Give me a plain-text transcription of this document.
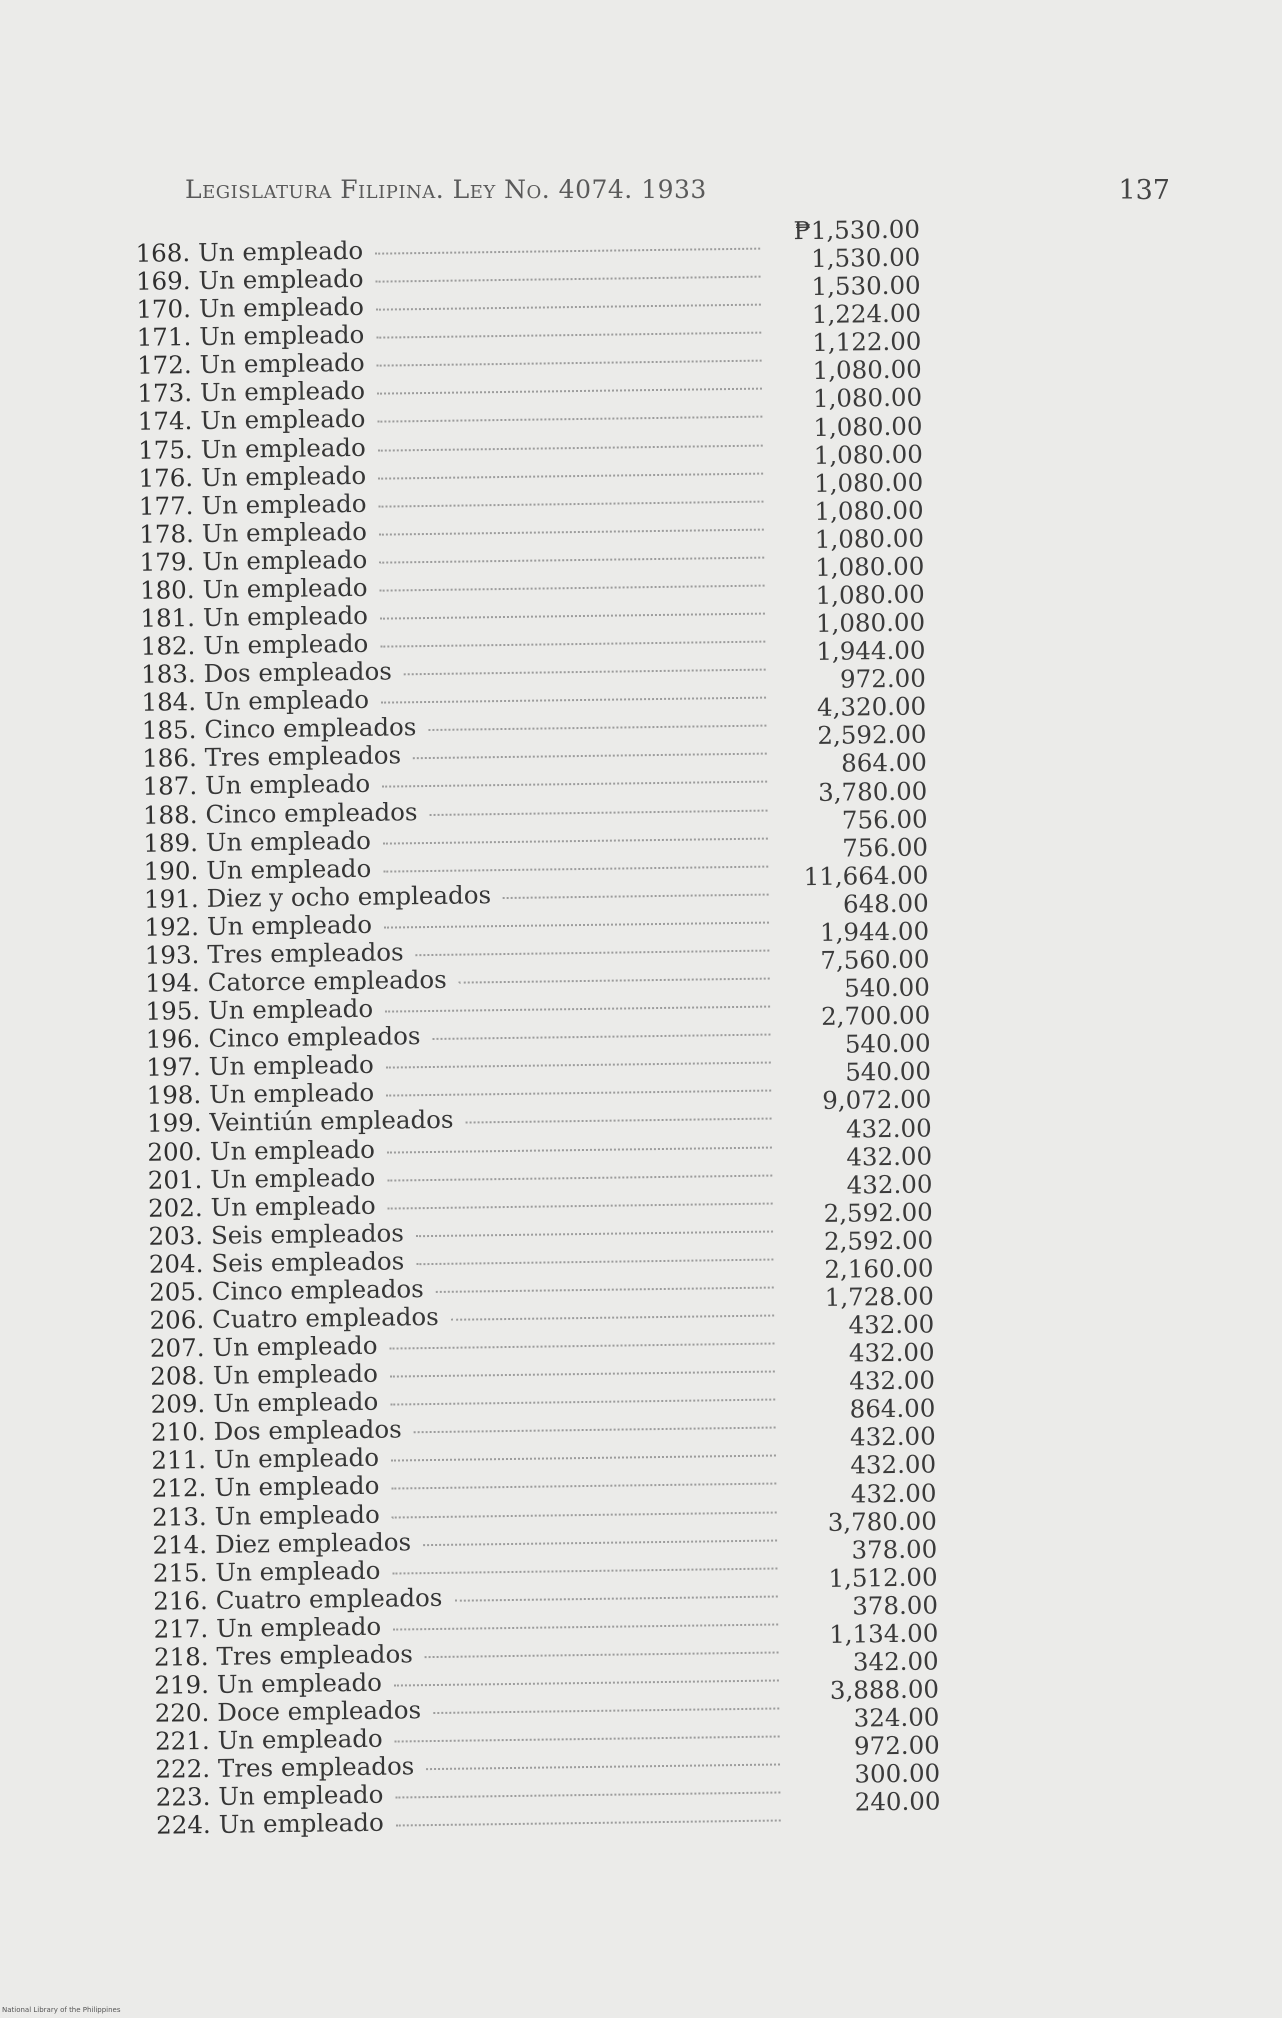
Legislatura Filipina. Ley No. 4074. 1933	137
168. Un empleado
₱1,530.00
169. Un empleado
1,530.00
170. Un empleado
1,530.00
171. Un empleado
1,224.00
172. Un empleado
1,122.00
173. Un empleado
1,080.00
174. Un empleado
1,080.00
175. Un empleado
1,080.00
176. Un empleado
1,080.00
177. Un empleado
1,080.00
178. Un empleado
1,080.00
179. Un empleado
1,080.00
180. Un empleado
1,080.00
181. Un empleado
1,080.00
182. Un empleado
1,080.00
183. Dos empleados
1,944.00
184. Un empleado
972.00
185. Cinco empleados
4,320.00
186. Tres empleados
2,592.00
187. Un empleado
864.00
188. Cinco empleados
3,780.00
189. Un empleado
756.00
190. Un empleado
756.00
191. Diez y ocho empleados
11,664.00
192. Un empleado
648.00
193. Tres empleados
1,944.00
194. Catorce empleados
7,560.00
195. Un empleado
540.00
196. Cinco empleados
2,700.00
197. Un empleado
540.00
198. Un empleado
540.00
199. Veintiún empleados
9,072.00
200. Un empleado
432.00
201. Un empleado
432.00
202. Un empleado
432.00
203. Seis empleados
2,592.00
204. Seis empleados
2,592.00
205. Cinco empleados
2,160.00
206. Cuatro empleados
1,728.00
207. Un empleado
432.00
208. Un empleado
432.00
209. Un empleado
432.00
210. Dos empleados
864.00
211. Un empleado
432.00
212. Un empleado
432.00
213. Un empleado
432.00
214. Diez empleados
3,780.00
215. Un empleado
378.00
216. Cuatro empleados
1,512.00
217. Un empleado
378.00
218. Tres empleados
1,134.00
219. Un empleado
342.00
220. Doce empleados
3,888.00
221. Un empleado
324.00
222. Tres empleados
972.00
223. Un empleado
300.00
224. Un empleado
240.00
National Library of the Philippines
